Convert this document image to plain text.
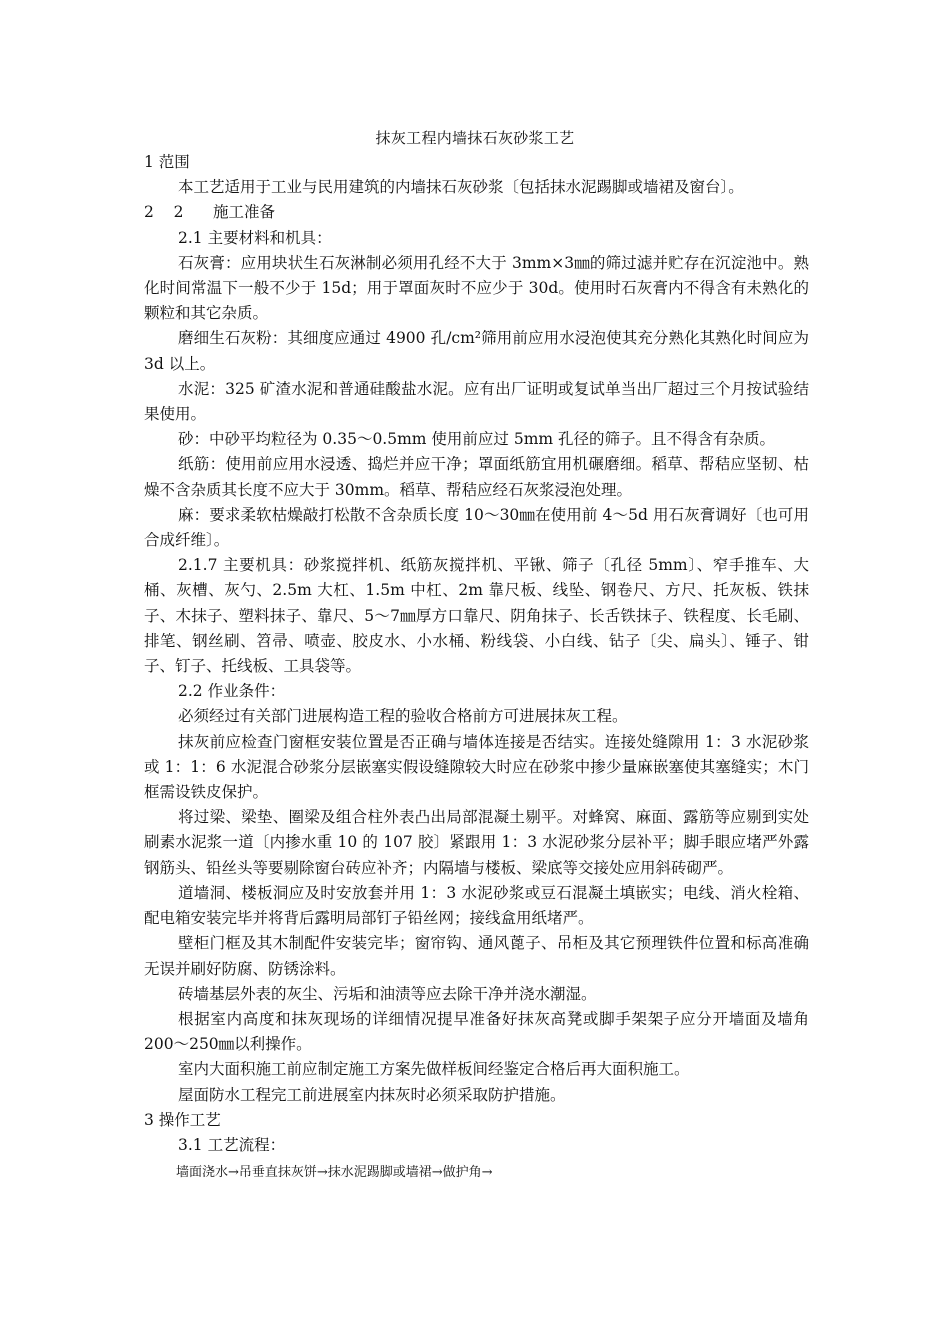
抹灰工程内墙抹石灰砂浆工艺

1 范围

本工艺适用于工业与民用建筑的内墙抹石灰砂浆〔包括抹水泥踢脚或墙裙及窗台〕。

2    2      施工准备

2.1 主要材料和机具：

石灰膏：应用块状生石灰淋制必须用孔经不大于 3mm×3㎜的筛过滤并贮存在沉淀池中。熟化时间常温下一般不少于 15d；用于罩面灰时不应少于 30d。使用时石灰膏内不得含有未熟化的颗粒和其它杂质。

磨细生石灰粉：其细度应通过 4900 孔/cm²筛用前应用水浸泡使其充分熟化其熟化时间应为 3d 以上。

水泥：325 矿渣水泥和普通硅酸盐水泥。应有出厂证明或复试单当出厂超过三个月按试验结果使用。

砂：中砂平均粒径为 0.35～0.5mm 使用前应过 5mm 孔径的筛子。且不得含有杂质。

纸筋：使用前应用水浸透、捣烂并应干净；罩面纸筋宜用机碾磨细。稻草、帮秸应坚韧、枯燥不含杂质其长度不应大于 30mm。稻草、帮秸应经石灰浆浸泡处理。

麻：要求柔软枯燥敲打松散不含杂质长度 10～30㎜在使用前 4～5d 用石灰膏调好〔也可用合成纤维〕。

2.1.7 主要机具：砂浆搅拌机、纸筋灰搅拌机、平锹、筛子〔孔径 5mm〕、窄手推车、大桶、灰槽、灰勺、2.5m 大杠、1.5m 中杠、2m 靠尺板、线坠、钢卷尺、方尺、托灰板、铁抹子、木抹子、塑料抹子、靠尺、5～7㎜厚方口靠尺、阴角抹子、长舌铁抹子、铁程度、长毛刷、排笔、钢丝刷、笤帚、喷壶、胶皮水、小水桶、粉线袋、小白线、钻子〔尖、扁头〕、锤子、钳子、钉子、托线板、工具袋等。

2.2 作业条件：

必须经过有关部门进展构造工程的验收合格前方可进展抹灰工程。

抹灰前应检查门窗框安装位置是否正确与墙体连接是否结实。连接处缝隙用 1：3 水泥砂浆或 1：1：6 水泥混合砂浆分层嵌塞实假设缝隙较大时应在砂浆中掺少量麻嵌塞使其塞缝实；木门框需设铁皮保护。

将过梁、梁垫、圈梁及组合柱外表凸出局部混凝土剔平。对蜂窝、麻面、露筋等应剔到实处刷素水泥浆一道〔内掺水重 10 的 107 胶〕紧跟用 1：3 水泥砂浆分层补平；脚手眼应堵严外露钢筋头、铅丝头等要剔除窗台砖应补齐；内隔墙与楼板、梁底等交接处应用斜砖砌严。

道墙洞、楼板洞应及时安放套并用 1：3 水泥砂浆或豆石混凝土填嵌实；电线、消火栓箱、配电箱安装完毕并将背后露明局部钉子铅丝网；接线盒用纸堵严。

壁柜门框及其木制配件安装完毕；窗帘钩、通风蓖子、吊柜及其它预理铁件位置和标高准确无误并刷好防腐、防锈涂料。

砖墙基层外表的灰尘、污垢和油渍等应去除干净并浇水潮湿。

根据室内高度和抹灰现场的详细情况提早准备好抹灰高凳或脚手架架子应分开墙面及墙角 200～250㎜以利操作。

室内大面积施工前应制定施工方案先做样板间经鉴定合格后再大面积施工。

屋面防水工程完工前进展室内抹灰时必须采取防护措施。

3 操作工艺

3.1 工艺流程：

墙面浇水→吊垂直抹灰饼→抹水泥踢脚或墙裙→做护角→
